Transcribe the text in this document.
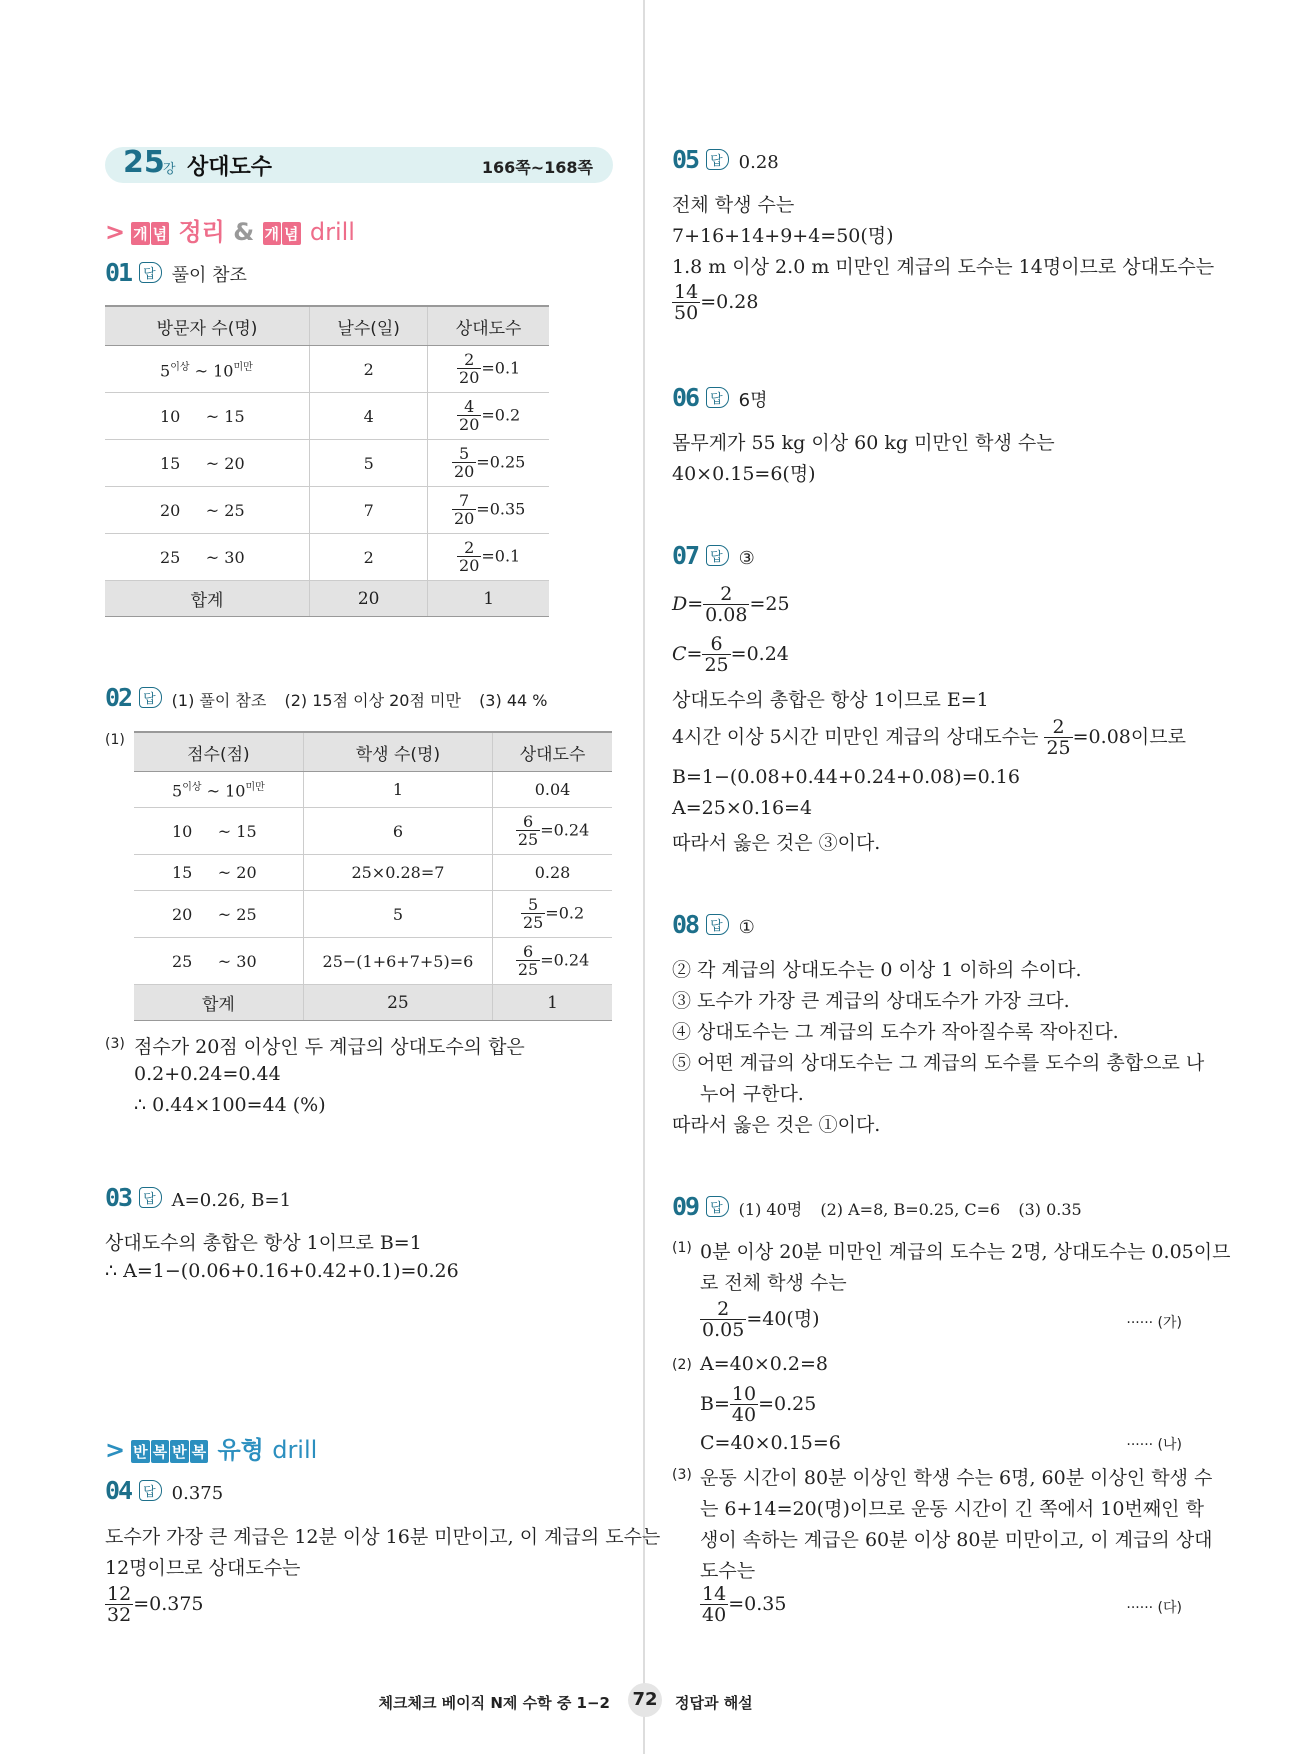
25
강 상대도수	166쪽~168쪽
> 개 념 정리 & 개 념 drill
01 답 풀이 참조
방문자 수(명)	날수(일)	상대도수
$5^{이상}$ ~ $10^{미만}$	2	$\frac{2}{20} =0.1$
10 ~ 15	4	$\frac{4}{20} =0.2$
15 ~ 20	5	$\frac{5}{20} =0.25$
20 ~ 25	7	$\frac{7}{20} =0.35$
25 ~ 30	2	$\frac{2}{20} =0.1$
합계	20	1
02 답 (1) 풀이 참조 (2) 15점 이상 20점 미만 (3) 44 %
(1)
점수(점)	학생 수(명)	상대도수
$5^{이상}$ ~ $10^{미만}$	1	0.04
10 ~ 15	6	$\frac{6}{25} =0.24$
15 ~ 20	25×0.28=7	0.28
20 ~ 25	5	$\frac{5}{25} =0.2$
25 ~ 30	25−(1+6+7+5)=6	$\frac{6}{25} =0.24$
합계	25	1
(3) 점수가 20점 이상인 두 계급의 상대도수의 합은
0.2+0.24=0.44
∴ 0.44×100=44 (%)
03 답 A=0.26, B=1
상대도수의 총합은 항상 1이므로 B=1
∴ A=1−(0.06+0.16+0.42+0.1)=0.26
> 반 복 반 복 유형 drill
04 답 0.375
도수가 가장 큰 계급은 12분 이상 16분 미만이고, 이 계급의 도수는
12명이므로 상대도수는
$\frac{12}{32} =0.375$
05 답 0.28
전체 학생 수는
7+16+14+9+4=50(명)
1.8 m 이상 2.0 m 미만인 계급의 도수는 14명이므로 상대도수는
$\frac{14}{50} =0.28$
06 답 6명
몸무게가 55 kg 이상 60 kg 미만인 학생 수는
40×0.15=6(명)
07 답 ③
$D= \frac{2}{0.08} =25$
$C= \frac{6}{25} =0.24$
상대도수의 총합은 항상 1이므로 E=1
4시간 이상 5시간 미만인 계급의 상대도수는 $\frac{2}{25} =0.08$이므로
B=1−(0.08+0.44+0.24+0.08)=0.16
A=25×0.16=4
따라서 옳은 것은 ③이다.
08 답 ①
② 각 계급의 상대도수는 0 이상 1 이하의 수이다.
③ 도수가 가장 큰 계급의 상대도수가 가장 크다.
④ 상대도수는 그 계급의 도수가 작아질수록 작아진다.
⑤ 어떤 계급의 상대도수는 그 계급의 도수를 도수의 총합으로 나
누어 구한다.
따라서 옳은 것은 ①이다.
09 답 (1) 40명 (2) A=8, B=0.25, C=6 (3) 0.35
(1) 0분 이상 20분 미만인 계급의 도수는 2명, 상대도수는 0.05이므
로 전체 학생 수는
$\frac{2}{0.05} =40$(명)	······ (가)
(2) A=40×0.2=8
$B= \frac{10}{40} =0.25$
C=40×0.15=6	······ (나)
(3) 운동 시간이 80분 이상인 학생 수는 6명, 60분 이상인 학생 수
는 6+14=20(명)이므로 운동 시간이 긴 쪽에서 10번째인 학
생이 속하는 계급은 60분 이상 80분 미만이고, 이 계급의 상대
도수는
$\frac{14}{40} =0.35$	······ (다)
체크체크 베이직 N제 수학 중 1−2 72 정답과 해설
